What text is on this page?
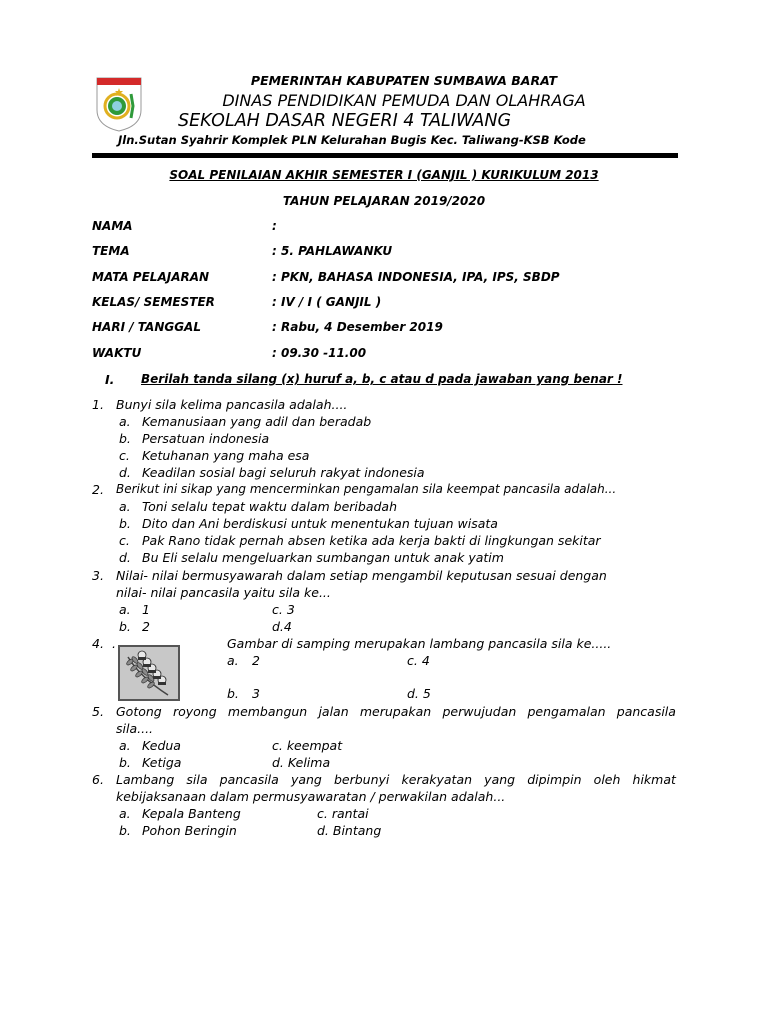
PEMERINTAH KABUPATEN SUMBAWA BARAT
DINAS PENDIDIKAN PEMUDA DAN OLAHRAGA
SEKOLAH DASAR NEGERI 4 TALIWANG
Jln.Sutan Syahrir Komplek PLN Kelurahan Bugis Kec. Taliwang-KSB Kode
SOAL PENILAIAN AKHIR SEMESTER I (GANJIL ) KURIKULUM 2013
TAHUN PELAJARAN 2019/2020
NAMA	:
TEMA	: 5. PAHLAWANKU
MATA PELAJARAN	: PKN, BAHASA INDONESIA, IPA, IPS, SBDP
KELAS/ SEMESTER	: IV / I ( GANJIL )
HARI / TANGGAL	: Rabu, 4 Desember 2019
WAKTU	: 09.30 -11.00
I. Berilah tanda silang (x) huruf a, b, c atau d pada jawaban yang benar !
1. Bunyi sila kelima pancasila adalah....
a. Kemanusiaan yang adil dan beradab
b. Persatuan indonesia
c. Ketuhanan yang maha esa
d. Keadilan sosial bagi seluruh rakyat indonesia
2. Berikut ini sikap yang mencerminkan pengamalan sila keempat pancasila adalah...
a. Toni selalu tepat waktu dalam beribadah
b. Dito dan Ani berdiskusi untuk menentukan tujuan wisata
c. Pak Rano tidak pernah absen ketika ada kerja bakti di lingkungan sekitar
d. Bu Eli selalu mengeluarkan sumbangan untuk anak yatim
3. Nilai- nilai bermusyawarah dalam setiap mengambil keputusan sesuai dengan
nilai- nilai pancasila yaitu sila ke...
a. 1	c. 3
b. 2	d.4
4. .	Gambar di samping merupakan lambang pancasila sila ke.....
a. 2	c. 4
b. 3	d. 5
5. Gotong royong membangun jalan merupakan perwujudan pengamalan pancasila
sila....
a. Kedua	c. keempat
b. Ketiga	d. Kelima
6. Lambang sila pancasila yang berbunyi kerakyatan yang dipimpin oleh hikmat
kebijaksanaan dalam permusyawaratan / perwakilan adalah...
a. Kepala Banteng	c. rantai
b. Pohon Beringin	d. Bintang
